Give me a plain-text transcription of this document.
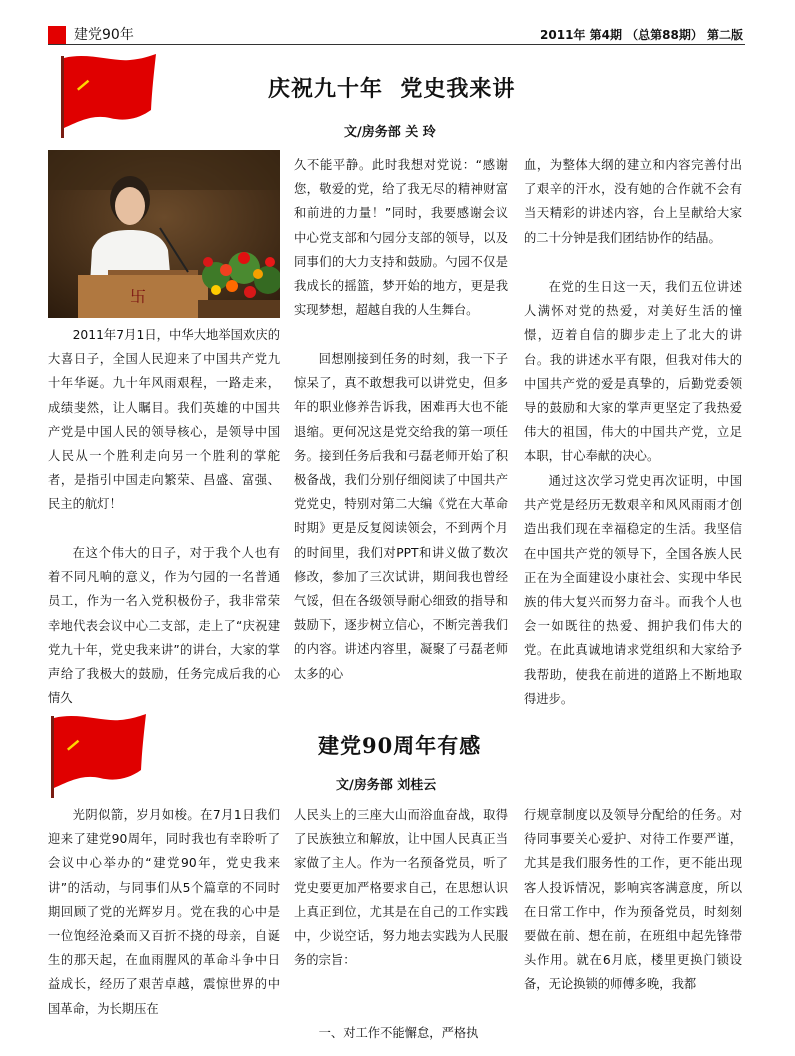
建党90年	2011年 第4期 （总第88期） 第二版
庆祝九十年  党史我来讲
文/房务部 关 玲
卐
2011年7月1日，中华大地举国欢庆的大喜日子，全国人民迎来了中国共产党九十年华诞。九十年风雨艰程，一路走来，成绩斐然，让人瞩目。我们英雄的中国共产党是中国人民的领导核心，是领导中国人民从一个胜利走向另一个胜利的掌舵者，是指引中国走向繁荣、昌盛、富强、民主的航灯！
在这个伟大的日子，对于我个人也有着不同凡响的意义，作为勺园的一名普通员工，作为一名入党积极份子，我非常荣幸地代表会议中心二支部，走上了“庆祝建党九十年，党史我来讲”的讲台，大家的掌声给了我极大的鼓励，任务完成后我的心情久
久不能平静。此时我想对党说：“感谢您，敬爱的党，给了我无尽的精神财富和前进的力量！”同时，我要感谢会议中心党支部和勺园分支部的领导，以及同事们的大力支持和鼓励。勺园不仅是我成长的摇篮，梦开始的地方，更是我实现梦想，超越自我的人生舞台。
回想刚接到任务的时刻，我一下子惊呆了，真不敢想我可以讲党史，但多年的职业修养告诉我，困难再大也不能退缩。更何况这是党交给我的第一项任务。接到任务后我和弓磊老师开始了积极备战，我们分别仔细阅读了中国共产党党史，特别对第二大编《党在大革命时期》更是反复阅读领会，不到两个月的时间里，我们对PPT和讲义做了数次修改，参加了三次试讲，期间我也曾经气馁，但在各级领导耐心细致的指导和鼓励下，逐步树立信心，不断完善我们的内容。讲述内容里，凝聚了弓磊老师太多的心
血，为整体大纲的建立和内容完善付出了艰辛的汗水，没有她的合作就不会有当天精彩的讲述内容，台上呈献给大家的二十分钟是我们团结协作的结晶。
在党的生日这一天，我们五位讲述人满怀对党的热爱，对美好生活的憧憬，迈着自信的脚步走上了北大的讲台。我的讲述水平有限，但我对伟大的中国共产党的爱是真挚的，后勤党委领导的鼓励和大家的掌声更坚定了我热爱伟大的祖国，伟大的中国共产党，立足本职，甘心奉献的决心。
通过这次学习党史再次证明，中国共产党是经历无数艰辛和风风雨雨才创造出我们现在幸福稳定的生活。我坚信在中国共产党的领导下，全国各族人民正在为全面建设小康社会、实现中华民族的伟大复兴而努力奋斗。而我个人也会一如既往的热爱、拥护我们伟大的党。在此真诚地请求党组织和大家给予我帮助，使我在前进的道路上不断地取得进步。
建党90周年有感
文/房务部 刘桂云
光阴似箭，岁月如梭。在7月1日我们迎来了建党90周年，同时我也有幸聆听了会议中心举办的“建党90年，党史我来讲”的活动，与同事们从5个篇章的不同时期回顾了党的光辉岁月。党在我的心中是一位饱经沧桑而又百折不挠的母亲，自诞生的那天起，在血雨腥风的革命斗争中日益成长，经历了艰苦卓越，震惊世界的中国革命，为长期压在
人民头上的三座大山而浴血奋战，取得了民族独立和解放，让中国人民真正当家做了主人。作为一名预备党员，听了党史要更加严格要求自己，在思想认识上真正到位，尤其是在自己的工作实践中，少说空话，努力地去实践为人民服务的宗旨：
一、对工作不能懈怠，严格执
行规章制度以及领导分配给的任务。对待同事要关心爱护、对待工作要严谨，尤其是我们服务性的工作，更不能出现客人投诉情况，影响宾客满意度，所以在日常工作中，作为预备党员，时刻刻要做在前、想在前，在班组中起先锋带头作用。就在6月底，楼里更换门锁设备，无论换锁的师傅多晚，我都
